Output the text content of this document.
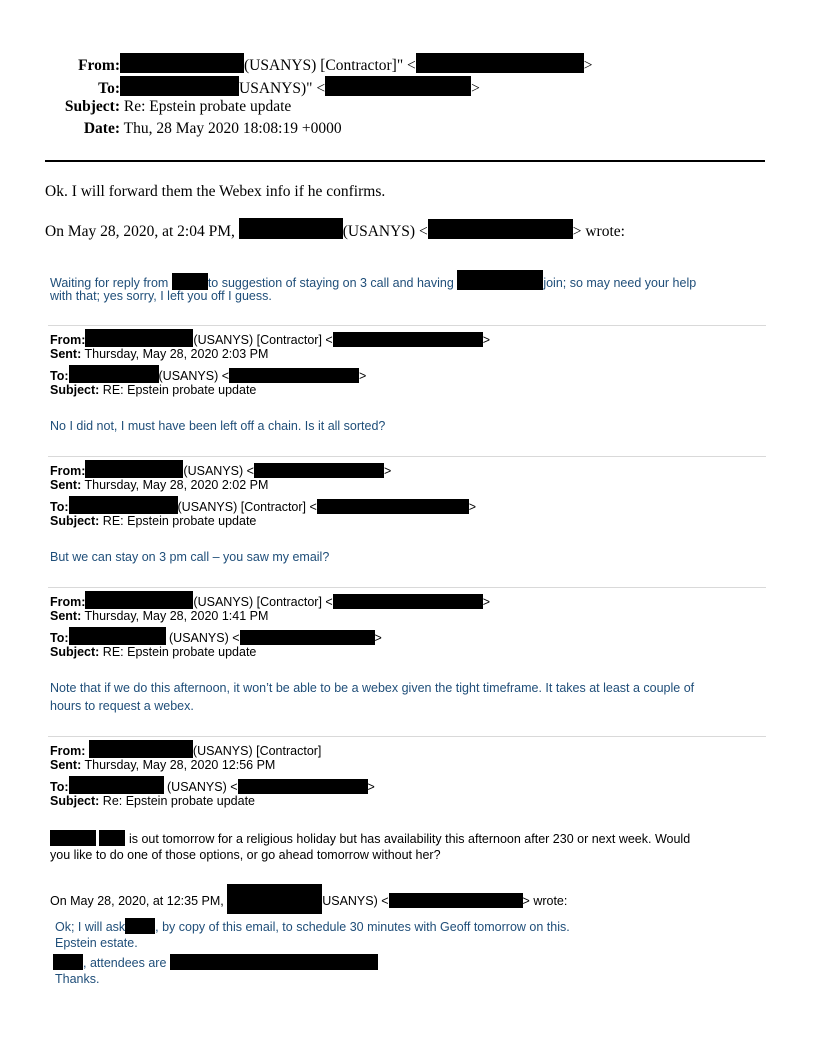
From:	(USANYS) [Contractor]" <	>
To:	USANYS)" <	>
Subject: Re: Epstein probate update
Date: Thu, 28 May 2020 18:08:19 +0000
Ok. I will forward them the Webex info if he confirms.
On May 28, 2020, at 2:04 PM,	(USANYS) <	> wrote:
Waiting for reply from	to suggestion of staying on 3 call and having	join; so may need your help
with that; yes sorry, I left you off I guess.
From:	(USANYS) [Contractor] <	>
Sent: Thursday, May 28, 2020 2:03 PM
To:	(USANYS) <	>
Subject: RE: Epstein probate update
No I did not, I must have been left off a chain. Is it all sorted?
From:	(USANYS) <	>
Sent: Thursday, May 28, 2020 2:02 PM
To:	(USANYS) [Contractor] <	>
Subject: RE: Epstein probate update
But we can stay on 3 pm call – you saw my email?
From:	(USANYS) [Contractor] <	>
Sent: Thursday, May 28, 2020 1:41 PM
To:	(USANYS) <	>
Subject: RE: Epstein probate update
Note that if we do this afternoon, it won’t be able to be a webex given the tight timeframe. It takes at least a couple of
hours to request a webex.
From:	(USANYS) [Contractor]
Sent: Thursday, May 28, 2020 12:56 PM
To:	(USANYS) <	>
Subject: Re: Epstein probate update
is out tomorrow for a religious holiday but has availability this afternoon after 230 or next week. Would
you like to do one of those options, or go ahead tomorrow without her?
On May 28, 2020, at 12:35 PM,	USANYS) <	> wrote:
Ok; I will ask , by copy of this email, to schedule 30 minutes with Geoff tomorrow on this.
Epstein estate.
, attendees are
Thanks.
